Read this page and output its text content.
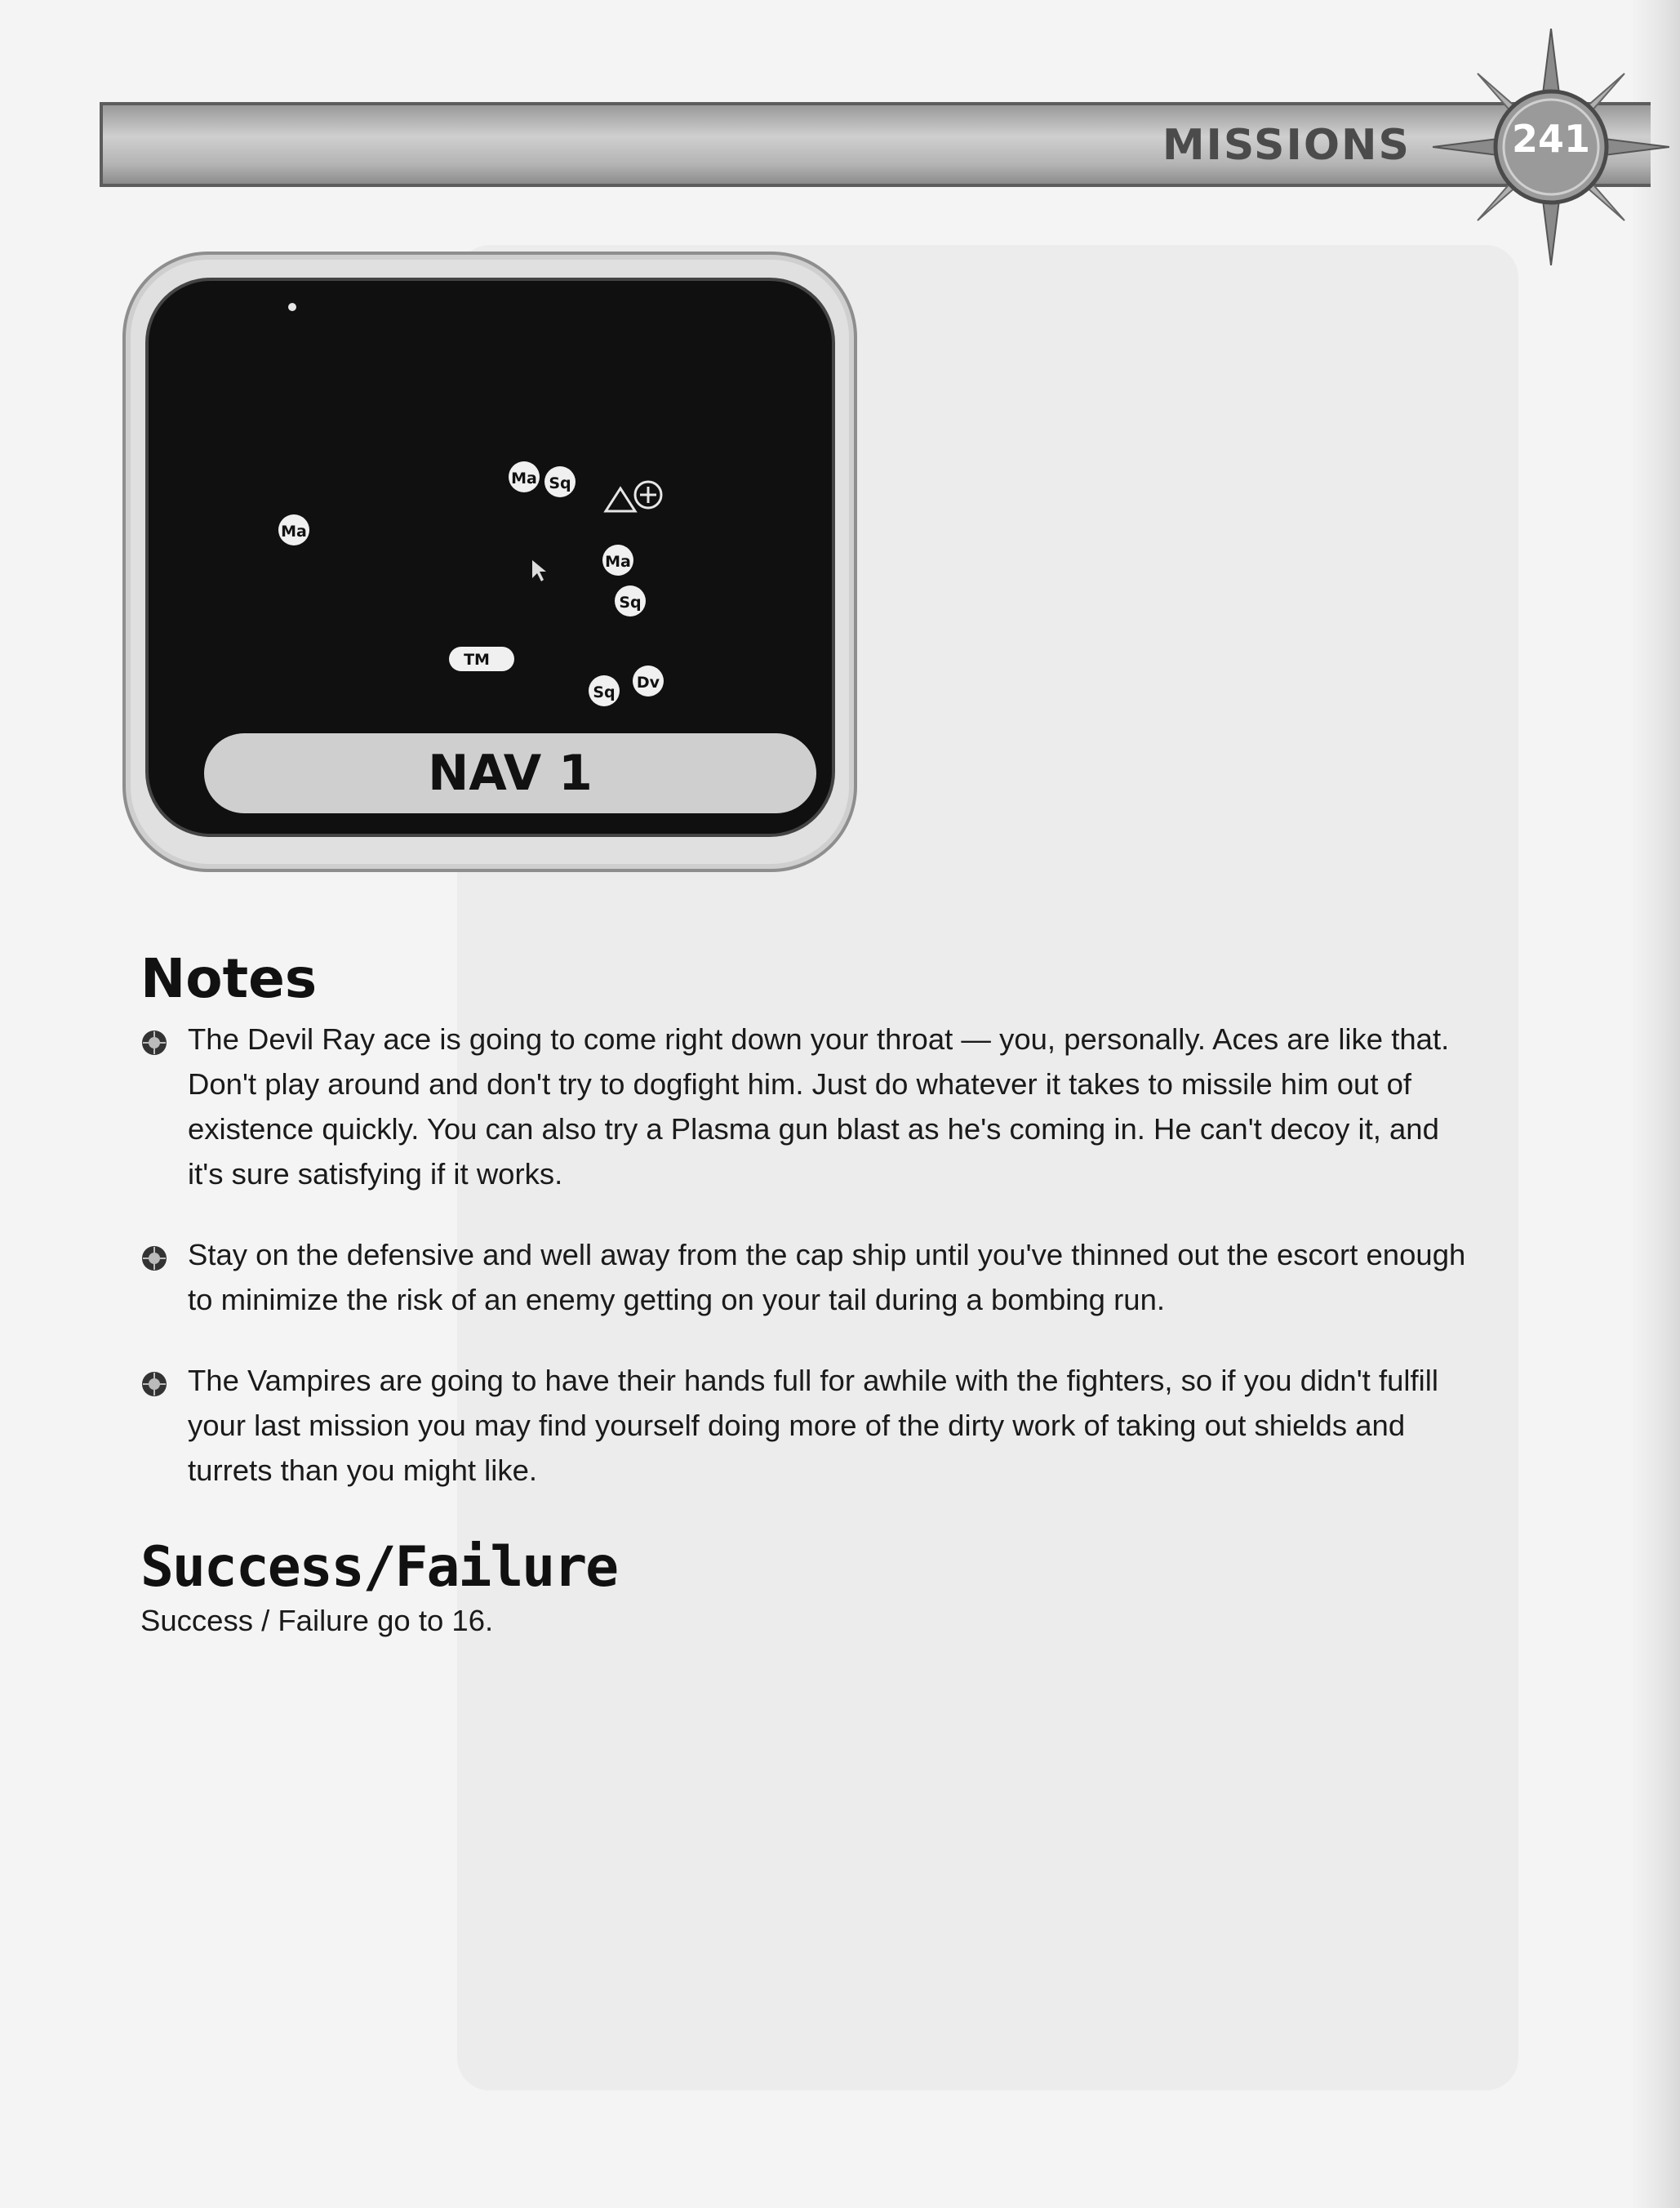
MISSIONS	241
Ma Sq
Ma
Ma
Sq
TM
Sq
Dv
NAV 1
Notes
The Devil Ray ace is going to come right down your throat — you, personally. Aces are like that. Don't play around and don't try to dogfight him. Just do whatever it takes to missile him out of existence quickly. You can also try a Plasma gun blast as he's coming in. He can't decoy it, and it's sure satisfying if it works.
Stay on the defensive and well away from the cap ship until you've thinned out the escort enough to minimize the risk of an enemy getting on your tail during a bombing run.
The Vampires are going to have their hands full for awhile with the fighters, so if you didn't fulfill your last mission you may find yourself doing more of the dirty work of taking out shields and turrets than you might like.
Success/Failure

Success / Failure go to 16.
